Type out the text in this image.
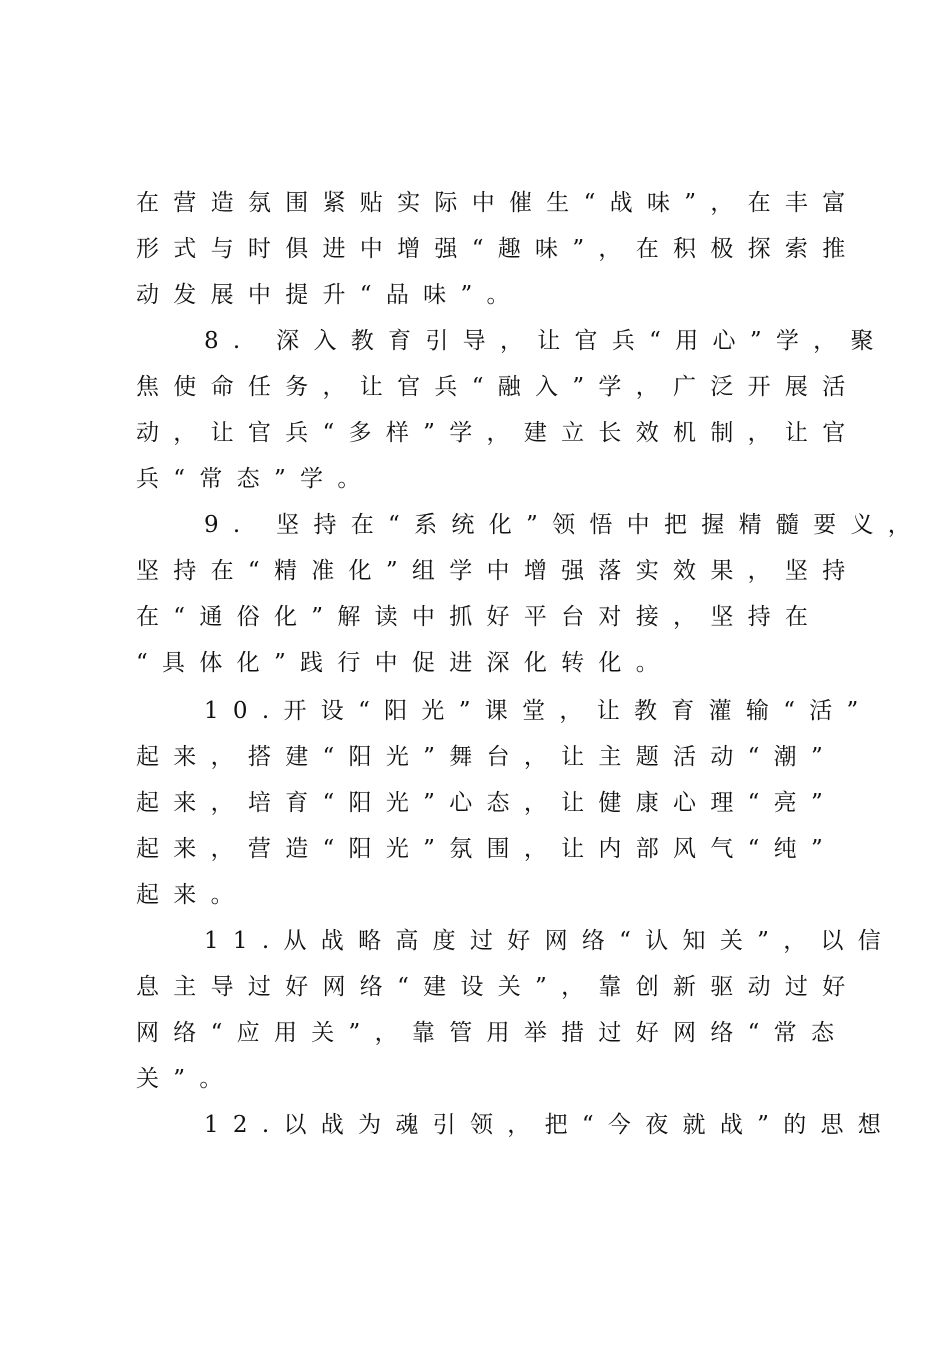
在营造氛围紧贴实际中催生“战味”，在丰富
形式与时俱进中增强“趣味”，在积极探索推
动发展中提升“品味”。
8. 深入教育引导，让官兵“用心”学，聚
焦使命任务，让官兵“融入”学，广泛开展活
动，让官兵“多样”学，建立长效机制，让官
兵“常态”学。
9. 坚持在“系统化”领悟中把握精髓要义，
坚持在“精准化”组学中增强落实效果，坚持
在“通俗化”解读中抓好平台对接，坚持在
“具体化”践行中促进深化转化。
10.开设“阳光”课堂，让教育灌输“活”
起来，搭建“阳光”舞台，让主题活动“潮”
起来，培育“阳光”心态，让健康心理“亮”
起来，营造“阳光”氛围，让内部风气“纯”
起来。
11.从战略高度过好网络“认知关”，以信
息主导过好网络“建设关”，靠创新驱动过好
网络“应用关”，靠管用举措过好网络“常态
关”。
12.以战为魂引领，把“今夜就战”的思想
